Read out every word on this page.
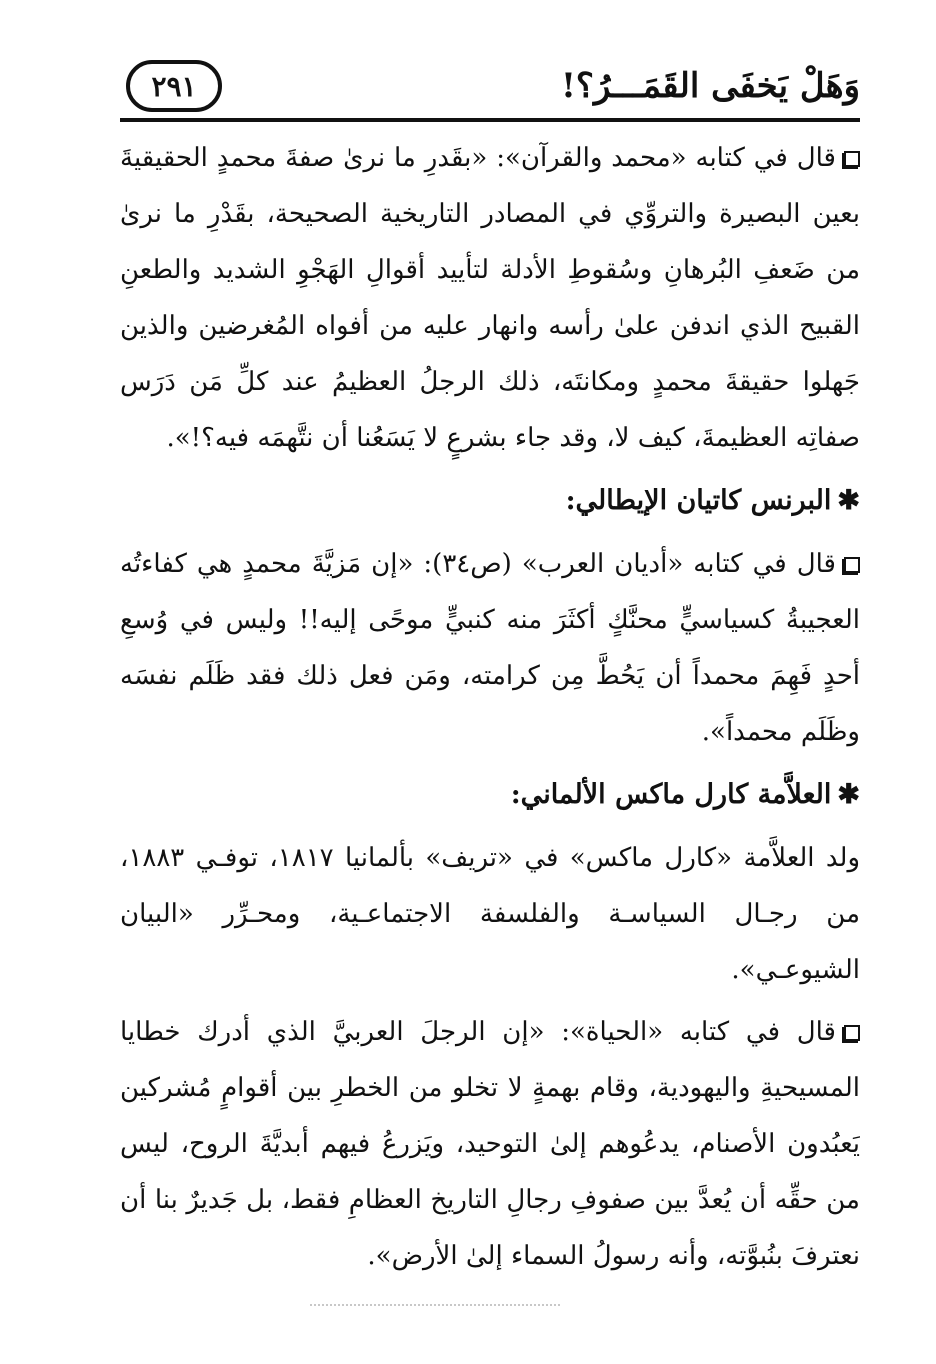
وَهَلْ يَخفَى القَمَـــرُ؟!
٢٩١

قال في كتابه «محمد والقرآن»: «بقَدرِ ما نرىٰ صفةَ محمدٍ الحقيقيةَ بعين البصيرة والتروِّي في المصادر التاريخية الصحيحة، بقَدْرِ ما نرىٰ من ضَعفِ البُرهانِ وسُقوطِ الأدلة لتأييد أقوالِ الهَجْوِ الشديد والطعنِ القبيح الذي اندفن علىٰ رأسه وانهار عليه من أفواه المُغرضين والذين جَهلوا حقيقةَ محمدٍ ومكانتَه، ذلك الرجلُ العظيمُ عند كلِّ مَن دَرَس صفاتِه العظيمةَ، كيف لا، وقد جاء بشرعٍ لا يَسَعُنا أن نتَّهمَه فيه؟!».

✱البرنس كاتيان الإيطالي:

قال في كتابه «أديان العرب» (ص٣٤): «إن مَزيَّةَ محمدٍ هي كفاءتُه العجيبةُ كسياسيٍّ محنَّكٍ أكثَرَ منه كنبيٍّ موحًى إليه!! وليس في وُسعِ أحدٍ فَهِمَ محمداً أن يَحُطَّ مِن كرامته، ومَن فعل ذلك فقد ظَلَم نفسَه وظَلَم محمداً».

✱العلاَّمة كارل ماكس الألماني:

ولد العلاَّمة «كارل ماكس» في «تريف» بألمانيا ١٨١٧، توفـي ١٨٨٣، من رجـال السياسـة والفلسفة الاجتماعـية، ومحـرِّر «البيان الشيوعـي».

قال في كتابه «الحياة»: «إن الرجلَ العربيَّ الذي أدرك خطايا المسيحيةِ واليهودية، وقام بهمةٍ لا تخلو من الخطرِ بين أقوامٍ مُشركين يَعبُدون الأصنام، يدعُوهم إلىٰ التوحيد، ويَزرعُ فيهم أبديَّةَ الروح، ليس من حقِّه أن يُعدَّ بين صفوفِ رجالِ التاريخ العظامِ فقط، بل جَديرٌ بنا أن نعترفَ بنُبوَّته، وأنه رسولُ السماء إلىٰ الأرض».
